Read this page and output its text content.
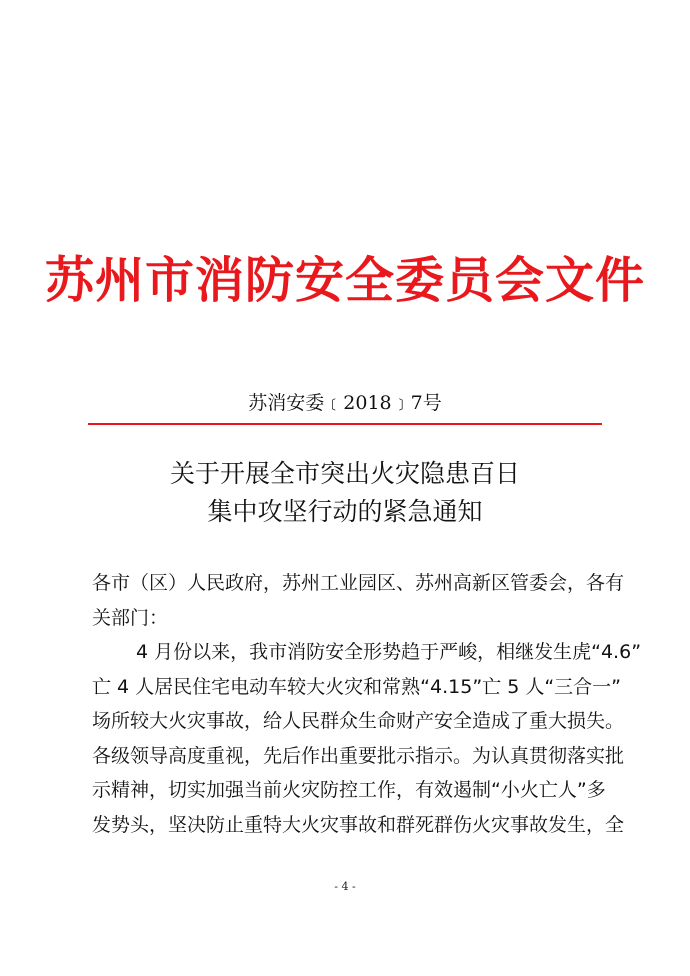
苏州市消防安全委员会文件
苏消安委﹝2018﹞7号
关于开展全市突出火灾隐患百日
集中攻坚行动的紧急通知
各市（区）人民政府，苏州工业园区、苏州高新区管委会，各有
关部门：
4 月份以来，我市消防安全形势趋于严峻，相继发生虎“4.6”
亡 4 人居民住宅电动车较大火灾和常熟“4.15”亡 5 人“三合一”
场所较大火灾事故，给人民群众生命财产安全造成了重大损失。
各级领导高度重视，先后作出重要批示指示。为认真贯彻落实批
示精神，切实加强当前火灾防控工作，有效遏制“小火亡人”多
发势头，坚决防止重特大火灾事故和群死群伤火灾事故发生，全
- 4 -
